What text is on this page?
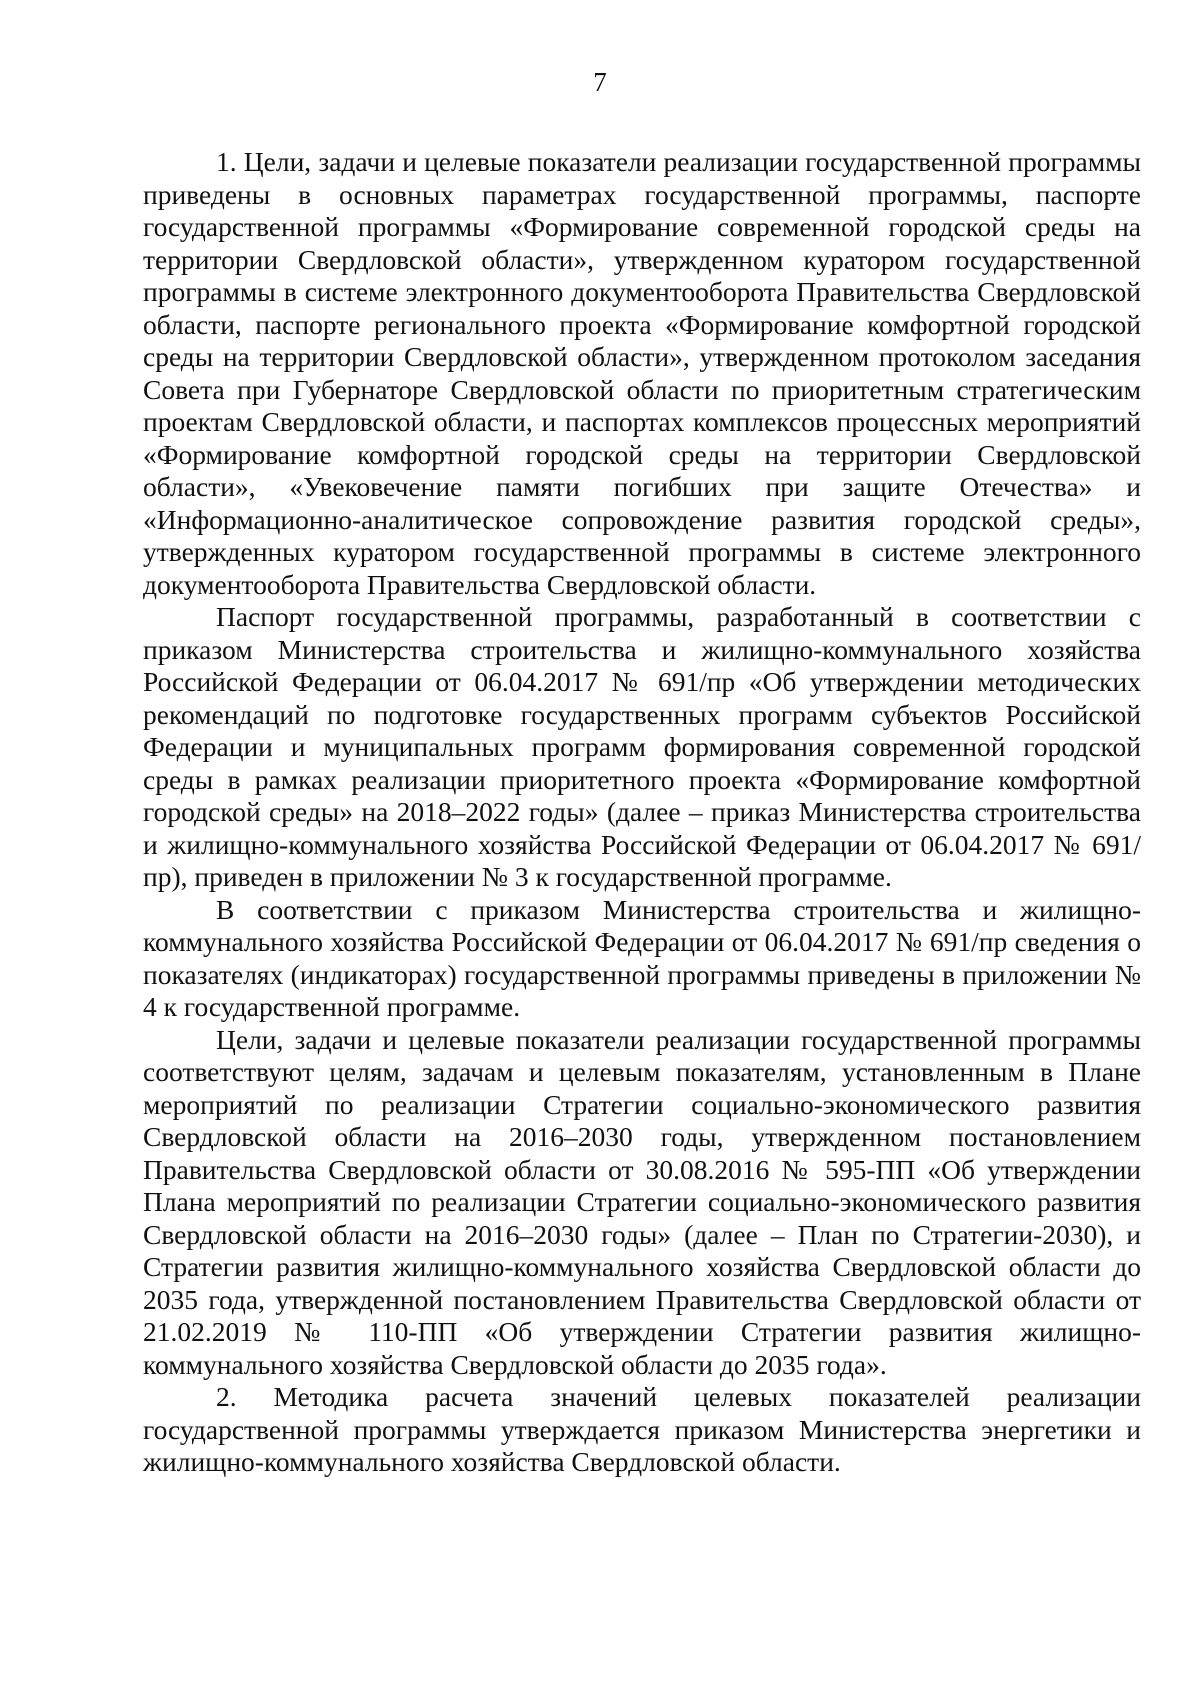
7

1. Цели, задачи и целевые показатели реализации государственной программы приведены в основных параметрах государственной программы, паспорте государственной программы «Формирование современной городской среды на территории Свердловской области», утвержденном куратором государственной программы в системе электронного документооборота Правительства Свердловской области, паспорте регионального проекта «Формирование комфортной городской среды на территории Свердловской области», утвержденном протоколом заседания Совета при Губернаторе Свердловской области по приоритетным стратегическим проектам Свердловской области, и паспортах комплексов процессных мероприятий «Формирование комфортной городской среды на территории Свердловской области», «Увековечение памяти погибших при защите Отечества» и «Информационно-аналитическое сопровождение развития городской среды», утвержденных куратором государственной программы в системе электронного документооборота Правительства Свердловской области.

Паспорт государственной программы, разработанный в соответствии с приказом Министерства строительства и жилищно-коммунального хозяйства Российской Федерации от 06.04.2017 № 691/пр «Об утверждении методических рекомендаций по подготовке государственных программ субъектов Российской Федерации и муниципальных программ формирования современной городской среды в рамках реализации приоритетного проекта «Формирование комфортной городской среды» на 2018–2022 годы» (далее – приказ Министерства строительства и жилищно-коммунального хозяйства Российской Федерации от 06.04.2017 № 691/пр), приведен в приложении № 3 к государственной программе.

В соответствии с приказом Министерства строительства и жилищно-коммунального хозяйства Российской Федерации от 06.04.2017 № 691/пр сведения о показателях (индикаторах) государственной программы приведены в приложении № 4 к государственной программе.

Цели, задачи и целевые показатели реализации государственной программы соответствуют целям, задачам и целевым показателям, установленным в Плане мероприятий по реализации Стратегии социально-экономического развития Свердловской области на 2016–2030 годы, утвержденном постановлением Правительства Свердловской области от 30.08.2016 № 595-ПП «Об утверждении Плана мероприятий по реализации Стратегии социально-экономического развития Свердловской области на 2016–2030 годы» (далее – План по Стратегии-2030), и Стратегии развития жилищно-коммунального хозяйства Свердловской области до 2035 года, утвержденной постановлением Правительства Свердловской области от 21.02.2019 № 110-ПП «Об утверждении Стратегии развития жилищно-коммунального хозяйства Свердловской области до 2035 года».

2. Методика расчета значений целевых показателей реализации государственной программы утверждается приказом Министерства энергетики и жилищно-коммунального хозяйства Свердловской области.
